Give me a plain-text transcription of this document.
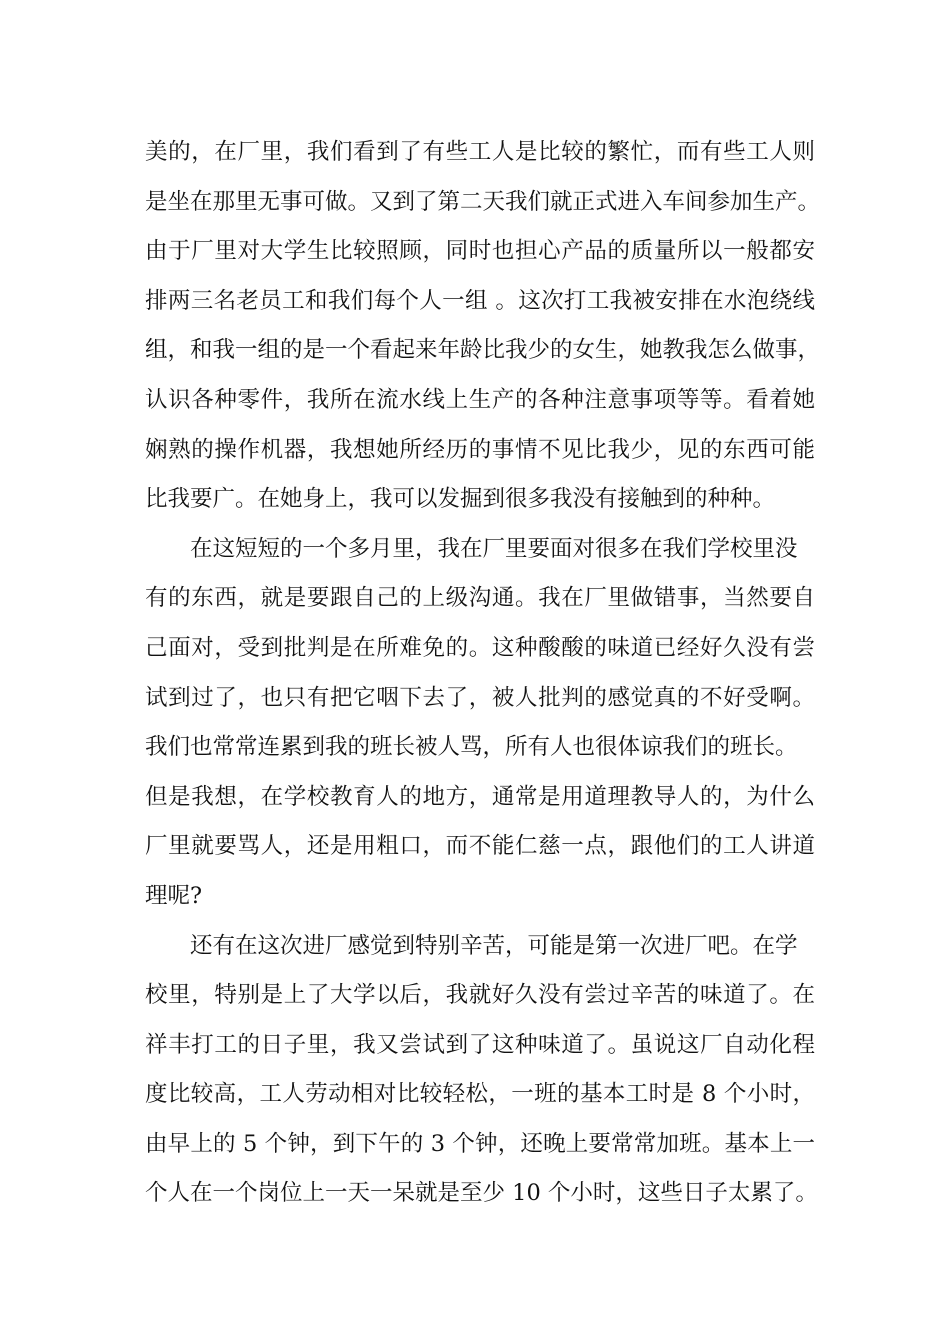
美的，在厂里，我们看到了有些工人是比较的繁忙，而有些工人则
是坐在那里无事可做。又到了第二天我们就正式进入车间参加生产。
由于厂里对大学生比较照顾，同时也担心产品的质量所以一般都安
排两三名老员工和我们每个人一组 。这次打工我被安排在水泡绕线
组，和我一组的是一个看起来年龄比我少的女生，她教我怎么做事，
认识各种零件，我所在流水线上生产的各种注意事项等等。看着她
娴熟的操作机器，我想她所经历的事情不见比我少，见的东西可能
比我要广。在她身上，我可以发掘到很多我没有接触到的种种。
在这短短的一个多月里，我在厂里要面对很多在我们学校里没
有的东西，就是要跟自己的上级沟通。我在厂里做错事，当然要自
己面对，受到批判是在所难免的。这种酸酸的味道已经好久没有尝
试到过了，也只有把它咽下去了，被人批判的感觉真的不好受啊。
我们也常常连累到我的班长被人骂，所有人也很体谅我们的班长。
但是我想，在学校教育人的地方，通常是用道理教导人的，为什么
厂里就要骂人，还是用粗口，而不能仁慈一点，跟他们的工人讲道
理呢?
还有在这次进厂感觉到特别辛苦，可能是第一次进厂吧。在学
校里，特别是上了大学以后，我就好久没有尝过辛苦的味道了。在
祥丰打工的日子里，我又尝试到了这种味道了。虽说这厂自动化程
度比较高，工人劳动相对比较轻松，一班的基本工时是 8 个小时，
由早上的 5 个钟，到下午的 3 个钟，还晚上要常常加班。基本上一
个人在一个岗位上一天一呆就是至少 10 个小时，这些日子太累了。
